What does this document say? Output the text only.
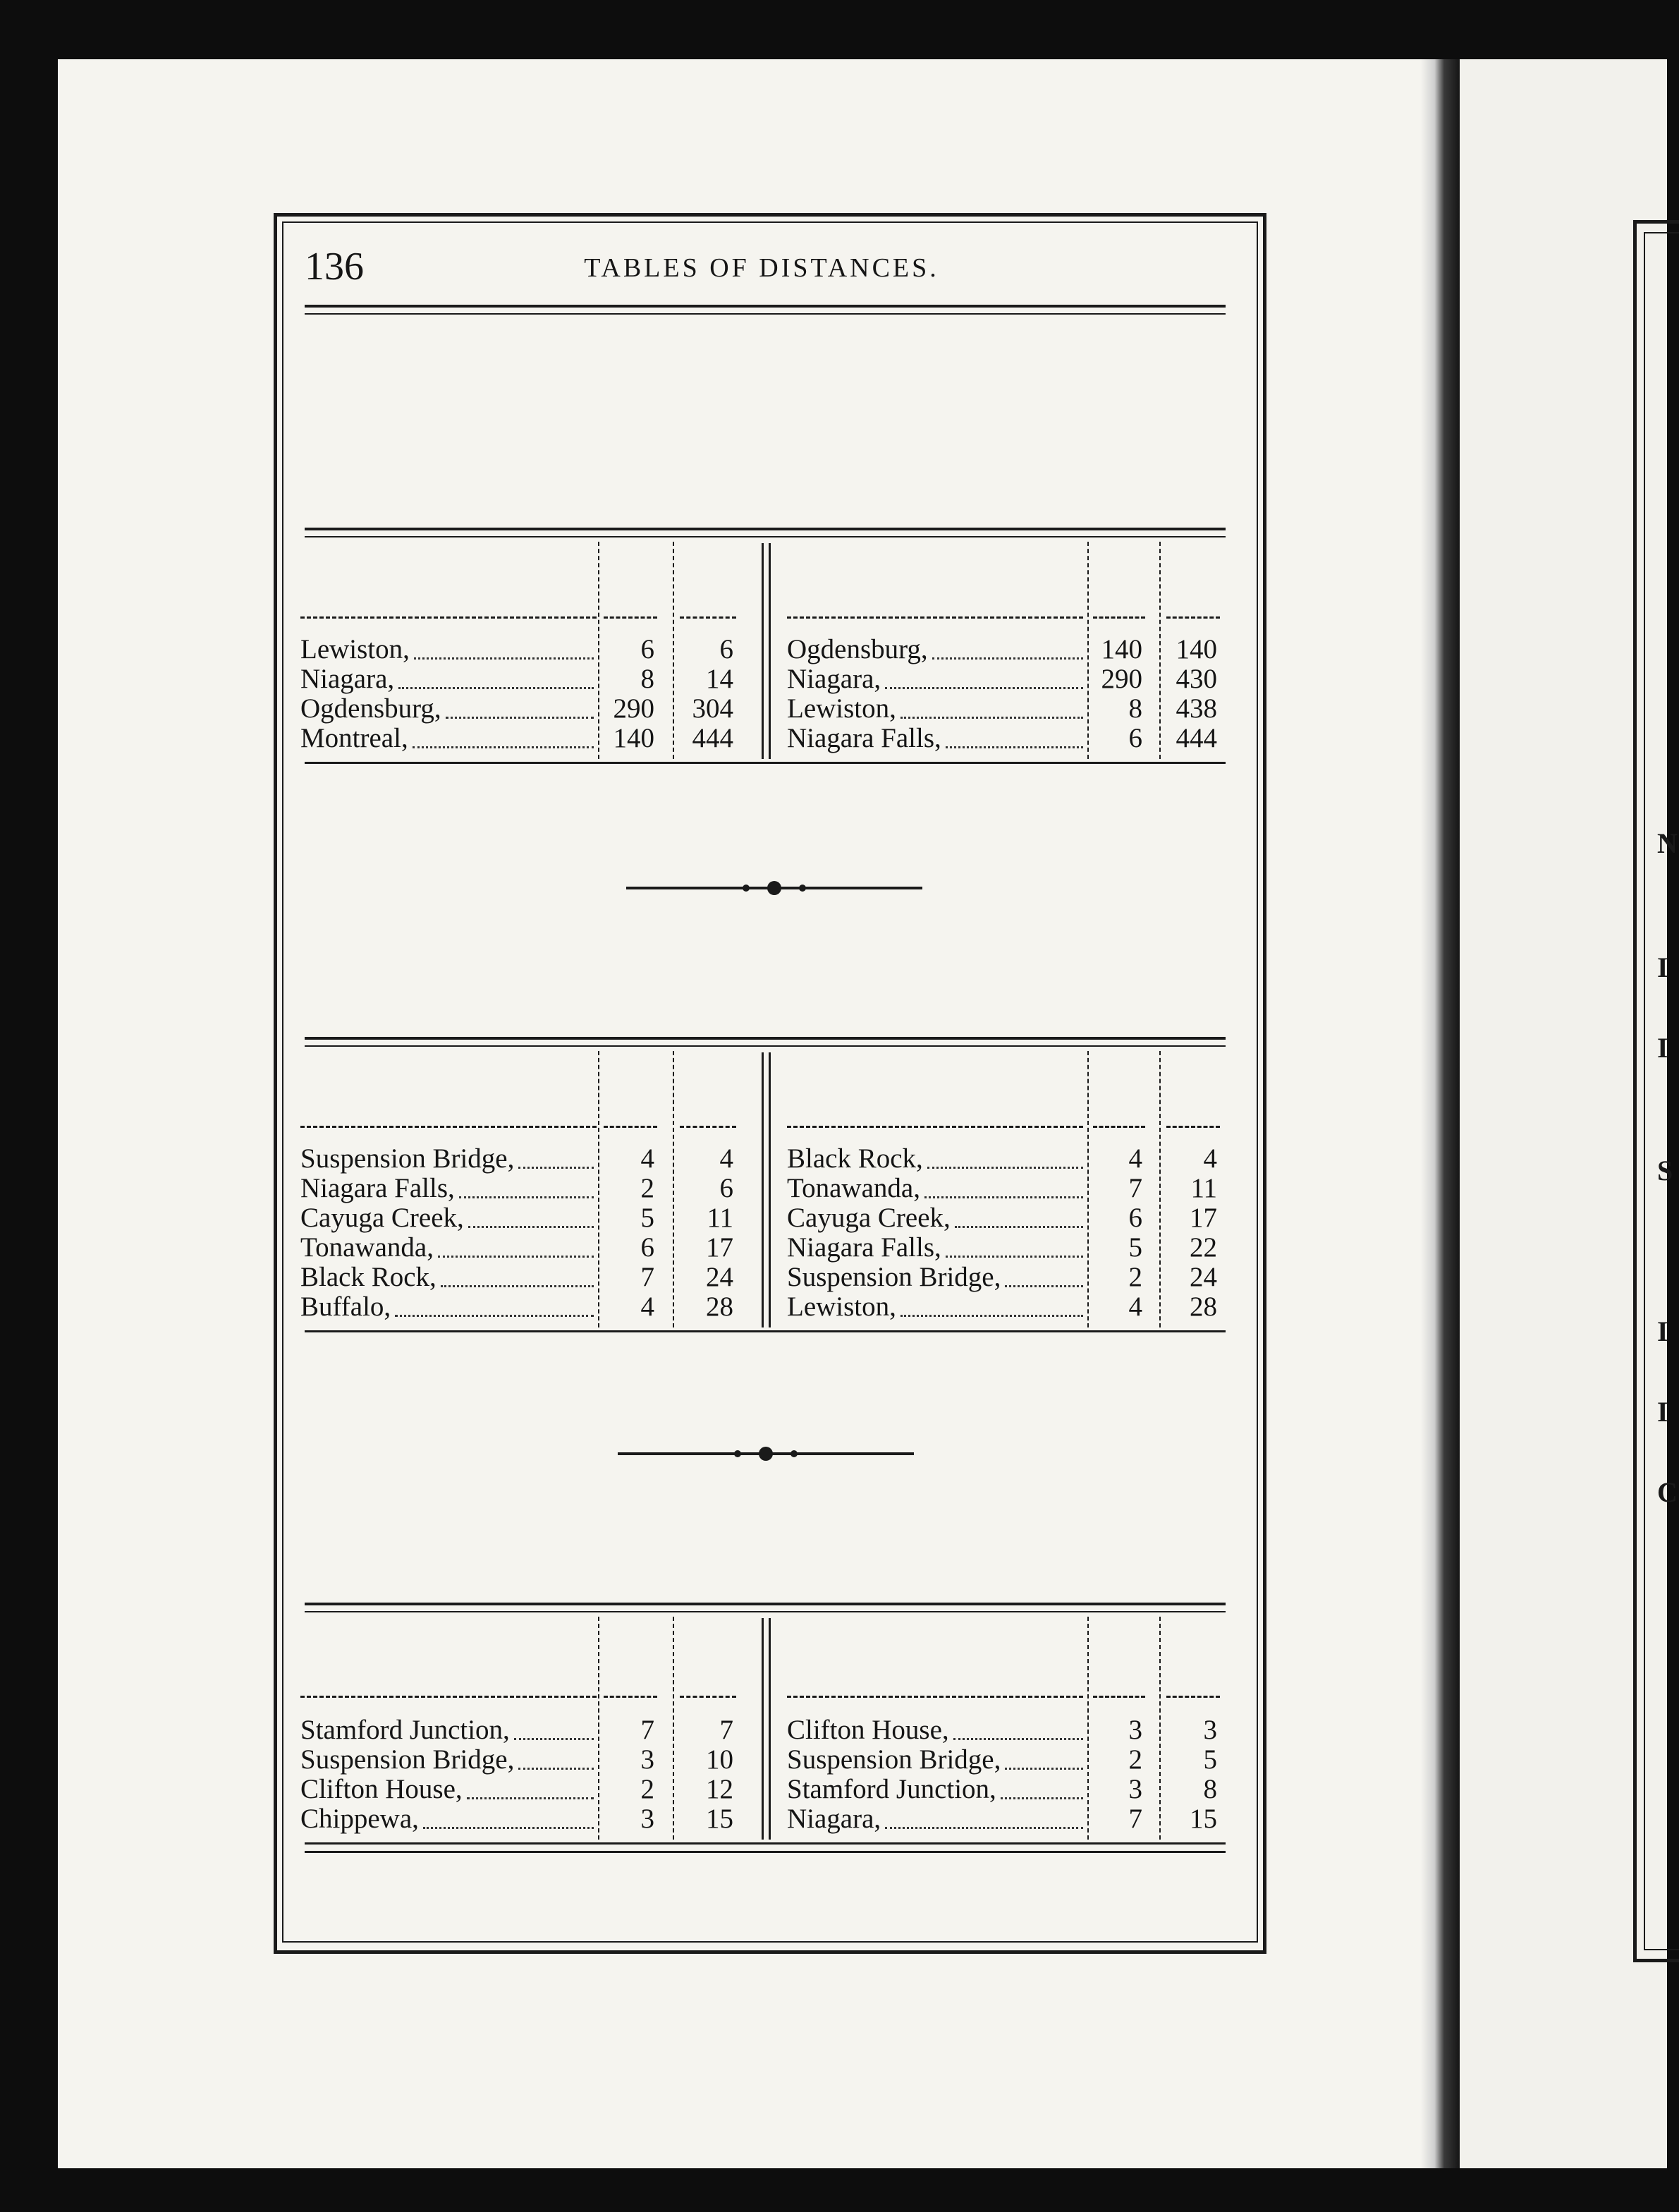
N
I
I
S
I
I
C
136	TABLES OF DISTANCES.
Lewiston,	6	6
Niagara,	8	14
Ogdensburg,	290	304
Montreal,	140	444
Ogdensburg,	140	140
Niagara,	290	430
Lewiston,	8	438
Niagara Falls,	6	444
Suspension Bridge,	4	4
Niagara Falls,	2	6
Cayuga Creek,	5	11
Tonawanda,	6	17
Black Rock,	7	24
Buffalo,	4	28
Black Rock,	4	4
Tonawanda,	7	11
Cayuga Creek,	6	17
Niagara Falls,	5	22
Suspension Bridge,	2	24
Lewiston,	4	28
Stamford Junction,	7	7
Suspension Bridge,	3	10
Clifton House,	2	12
Chippewa,	3	15
Clifton House,	3	3
Suspension Bridge,	2	5
Stamford Junction,	3	8
Niagara,	7	15
